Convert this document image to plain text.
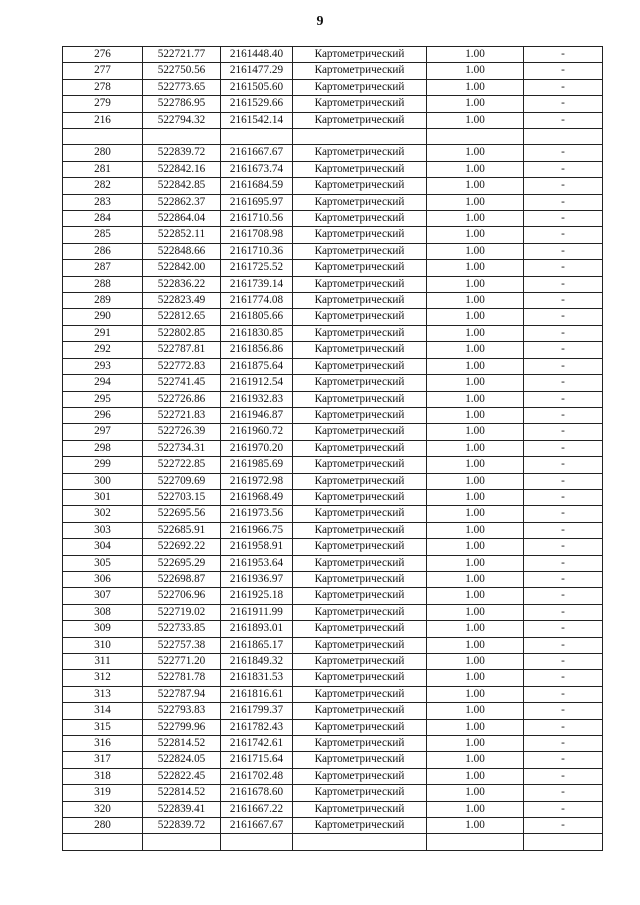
9
276	522721.77	2161448.40	Картометрический	1.00	-
277	522750.56	2161477.29	Картометрический	1.00	-
278	522773.65	2161505.60	Картометрический	1.00	-
279	522786.95	2161529.66	Картометрический	1.00	-
216	522794.32	2161542.14	Картометрический	1.00	-

280	522839.72	2161667.67	Картометрический	1.00	-
281	522842.16	2161673.74	Картометрический	1.00	-
282	522842.85	2161684.59	Картометрический	1.00	-
283	522862.37	2161695.97	Картометрический	1.00	-
284	522864.04	2161710.56	Картометрический	1.00	-
285	522852.11	2161708.98	Картометрический	1.00	-
286	522848.66	2161710.36	Картометрический	1.00	-
287	522842.00	2161725.52	Картометрический	1.00	-
288	522836.22	2161739.14	Картометрический	1.00	-
289	522823.49	2161774.08	Картометрический	1.00	-
290	522812.65	2161805.66	Картометрический	1.00	-
291	522802.85	2161830.85	Картометрический	1.00	-
292	522787.81	2161856.86	Картометрический	1.00	-
293	522772.83	2161875.64	Картометрический	1.00	-
294	522741.45	2161912.54	Картометрический	1.00	-
295	522726.86	2161932.83	Картометрический	1.00	-
296	522721.83	2161946.87	Картометрический	1.00	-
297	522726.39	2161960.72	Картометрический	1.00	-
298	522734.31	2161970.20	Картометрический	1.00	-
299	522722.85	2161985.69	Картометрический	1.00	-
300	522709.69	2161972.98	Картометрический	1.00	-
301	522703.15	2161968.49	Картометрический	1.00	-
302	522695.56	2161973.56	Картометрический	1.00	-
303	522685.91	2161966.75	Картометрический	1.00	-
304	522692.22	2161958.91	Картометрический	1.00	-
305	522695.29	2161953.64	Картометрический	1.00	-
306	522698.87	2161936.97	Картометрический	1.00	-
307	522706.96	2161925.18	Картометрический	1.00	-
308	522719.02	2161911.99	Картометрический	1.00	-
309	522733.85	2161893.01	Картометрический	1.00	-
310	522757.38	2161865.17	Картометрический	1.00	-
311	522771.20	2161849.32	Картометрический	1.00	-
312	522781.78	2161831.53	Картометрический	1.00	-
313	522787.94	2161816.61	Картометрический	1.00	-
314	522793.83	2161799.37	Картометрический	1.00	-
315	522799.96	2161782.43	Картометрический	1.00	-
316	522814.52	2161742.61	Картометрический	1.00	-
317	522824.05	2161715.64	Картометрический	1.00	-
318	522822.45	2161702.48	Картометрический	1.00	-
319	522814.52	2161678.60	Картометрический	1.00	-
320	522839.41	2161667.22	Картометрический	1.00	-
280	522839.72	2161667.67	Картометрический	1.00	-
